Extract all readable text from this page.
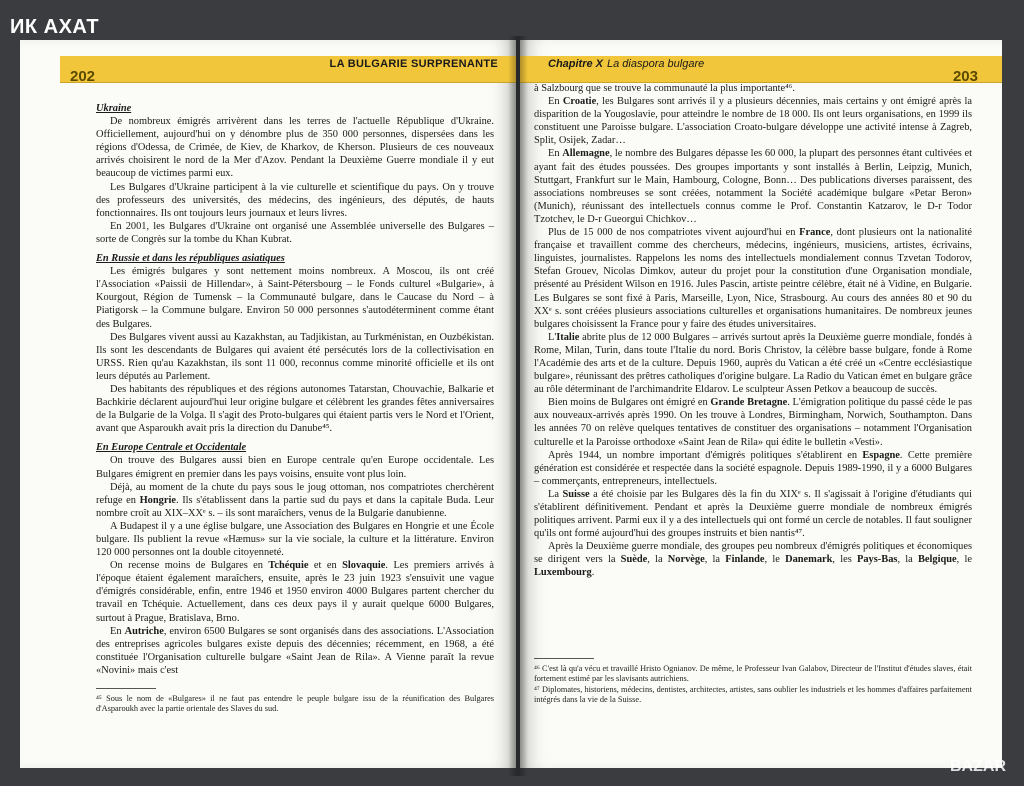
202
LA BULGARIE SURPRENANTE

Ukraine

De nombreux émigrés arrivèrent dans les terres de l'actuelle République d'Ukraine. Officiellement, aujourd'hui on y dénombre plus de 350 000 personnes, dispersées dans les régions d'Odessa, de Crimée, de Kiev, de Kharkov, de Kherson. Plusieurs de ces nouveaux arrivés choisirent le nord de la Mer d'Azov. Pendant la Deuxième Guerre mondiale il y eut beaucoup de victimes parmi eux.

Les Bulgares d'Ukraine participent à la vie culturelle et scientifique du pays. On y trouve des professeurs des universités, des médecins, des ingénieurs, des députés, de hauts fonctionnaires. Ils ont toujours leurs journaux et leurs livres.

En 2001, les Bulgares d'Ukraine ont organisé une Assemblée universelle des Bulgares – sorte de Congrès sur la tombe du Khan Kubrat.

En Russie et dans les républiques asiatiques

Les émigrés bulgares y sont nettement moins nombreux. A Moscou, ils ont créé l'Association «Paissii de Hillendar», à Saint-Pétersbourg – le Fonds culturel «Bulgarie», à Kourgout, Région de Tumensk – la Communauté bulgare, dans le Caucase du Nord – à Piatigorsk – la Commune bulgare. Environ 50 000 personnes s'autodéterminent comme étant des Bulgares.

Des Bulgares vivent aussi au Kazakhstan, au Tadjikistan, au Turkménistan, en Ouzbékistan. Ils sont les descendants de Bulgares qui avaient été persécutés lors de la collectivisation en URSS. Rien qu'au Kazakhstan, ils sont 11 000, reconnus comme minorité officielle et ils ont leurs députés au Parlement.

Des habitants des républiques et des régions autonomes Tatarstan, Chouvachie, Balkarie et Bachkirie déclarent aujourd'hui leur origine bulgare et célèbrent les grandes fêtes anniversaires de la Bulgarie de la Volga. Il s'agit des Proto-bulgares qui étaient partis vers le Nord et l'Orient, avant que Asparoukh avait pris la direction du Danube⁴⁵.

En Europe Centrale et Occidentale

On trouve des Bulgares aussi bien en Europe centrale qu'en Europe occidentale. Les Bulgares émigrent en premier dans les pays voisins, ensuite vont plus loin.

Déjà, au moment de la chute du pays sous le joug ottoman, nos compatriotes cherchèrent refuge en Hongrie. Ils s'établissent dans la partie sud du pays et dans la capitale Buda. Leur nombre croît au XIX–XXᵉ s. – ils sont maraîchers, venus de la Bulgarie danubienne.

A Budapest il y a une église bulgare, une Association des Bulgares en Hongrie et une École bulgare. Ils publient la revue «Hæmus» sur la vie sociale, la culture et la littérature. Environ 120 000 personnes ont la double citoyenneté.

On recense moins de Bulgares en Tchéquie et en Slovaquie. Les premiers arrivés à l'époque étaient également maraîchers, ensuite, après le 23 juin 1923 s'ensuivit une vague d'émigrés considérable, enfin, entre 1946 et 1950 environ 4000 Bulgares partent chercher du travail en Tchéquie. Actuellement, dans ces deux pays il y aurait quelque 6000 Bulgares, surtout à Prague, Bratislava, Brno.

En Autriche, environ 6500 Bulgares se sont organisés dans des associations. L'Association des entreprises agricoles bulgares existe depuis des décennies; récemment, en 1968, a été constituée l'Organisation culturelle bulgare «Saint Jean de Rila». A Vienne paraît la revue «Novini» mais c'est

⁴⁵ Sous le nom de «Bulgares» il ne faut pas entendre le peuple bulgare issu de la réunification des Bulgares d'Asparoukh avec la partie orientale des Slaves du sud.
Chapitre X La diaspora bulgare
203

à Salzbourg que se trouve la communauté la plus importante⁴⁶.

En Croatie, les Bulgares sont arrivés il y a plusieurs décennies, mais certains y ont émigré après la disparition de la Yougoslavie, pour atteindre le nombre de 18 000. Ils ont leurs organisations, en 1999 ils constituent une Paroisse bulgare. L'association Croato-bulgare développe une activité intense à Zagreb, Split, Osijek, Zadar…

En Allemagne, le nombre des Bulgares dépasse les 60 000, la plupart des personnes étant cultivées et ayant fait des études poussées. Des groupes importants y sont installés à Berlin, Leipzig, Munich, Stuttgart, Frankfurt sur le Main, Hambourg, Cologne, Bonn… Des publications diverses paraissent, des associations nombreuses se sont créées, notamment la Société académique bulgare «Petar Beron» (Munich), réunissant des intellectuels connus comme le Prof. Constantin Katzarov, le D-r Todor Tzotchev, le D-r Gueorgui Chichkov…

Plus de 15 000 de nos compatriotes vivent aujourd'hui en France, dont plusieurs ont la nationalité française et travaillent comme des chercheurs, médecins, ingénieurs, musiciens, artistes, écrivains, linguistes, journalistes. Rappelons les noms des intellectuels mondialement connus Tzvetan Todorov, Stefan Grouev, Nicolas Dimkov, auteur du projet pour la constitution d'une Organisation mondiale, présenté au Président Wilson en 1916. Jules Pascin, artiste peintre célèbre, était né à Vidine, en Bulgarie. Les Bulgares se sont fixé à Paris, Marseille, Lyon, Nice, Strasbourg. Au cours des années 80 et 90 du XXᵉ s. sont créées plusieurs associations culturelles et organisations humanitaires. De nombreux jeunes bulgares choisissent la France pour y faire des études universitaires.

L'Italie abrite plus de 12 000 Bulgares – arrivés surtout après la Deuxième guerre mondiale, fondés à Rome, Milan, Turin, dans toute l'Italie du nord. Boris Christov, la célèbre basse bulgare, fonde à Rome l'Académie des arts et de la culture. Depuis 1960, auprès du Vatican a été créé un «Centre ecclésiastique bulgare», réunissant des prêtres catholiques d'origine bulgare. La Radio du Vatican émet en bulgare grâce au rôle déterminant de l'archimandrite Eldarov. Le sculpteur Assen Petkov a beaucoup de succès.

Bien moins de Bulgares ont émigré en Grande Bretagne. L'émigration politique du passé cède le pas aux nouveaux-arrivés après 1990. On les trouve à Londres, Birmingham, Norwich, Southampton. Dans les années 70 on relève quelques tentatives de constituer des organisations – notamment l'Organisation culturelle et la Paroisse orthodoxe «Saint Jean de Rila» qui édite le bulletin «Vesti».

Après 1944, un nombre important d'émigrés politiques s'établirent en Espagne. Cette première génération est considérée et respectée dans la société espagnole. Depuis 1989-1990, il y a 6000 Bulgares – commerçants, entrepreneurs, intellectuels.

La Suisse a été choisie par les Bulgares dès la fin du XIXᵉ s. Il s'agissait à l'origine d'étudiants qui s'établirent définitivement. Pendant et après la Deuxième guerre mondiale de nombreux émigrés politiques arrivent. Parmi eux il y a des intellectuels qui ont formé un cercle de notables. Il faut souligner qu'ils ont formé aujourd'hui des groupes instruits et bien nantis⁴⁷.

Après la Deuxième guerre mondiale, des groupes peu nombreux d'émigrés politiques et économiques se dirigent vers la Suède, la Norvège, la Finlande, le Danemark, les Pays-Bas, la Belgique, le Luxembourg.

⁴⁶ C'est là qu'a vécu et travaillé Hristo Ognianov. De même, le Professeur Ivan Galabov, Directeur de l'Institut d'études slaves, était fortement estimé par les slavisants autrichiens.
⁴⁷ Diplomates, historiens, médecins, dentistes, architectes, artistes, sans oublier les industriels et les hommes d'affaires parfaitement intégrés dans la vie de la Suisse.
ИК АХАТ
BAZAR
